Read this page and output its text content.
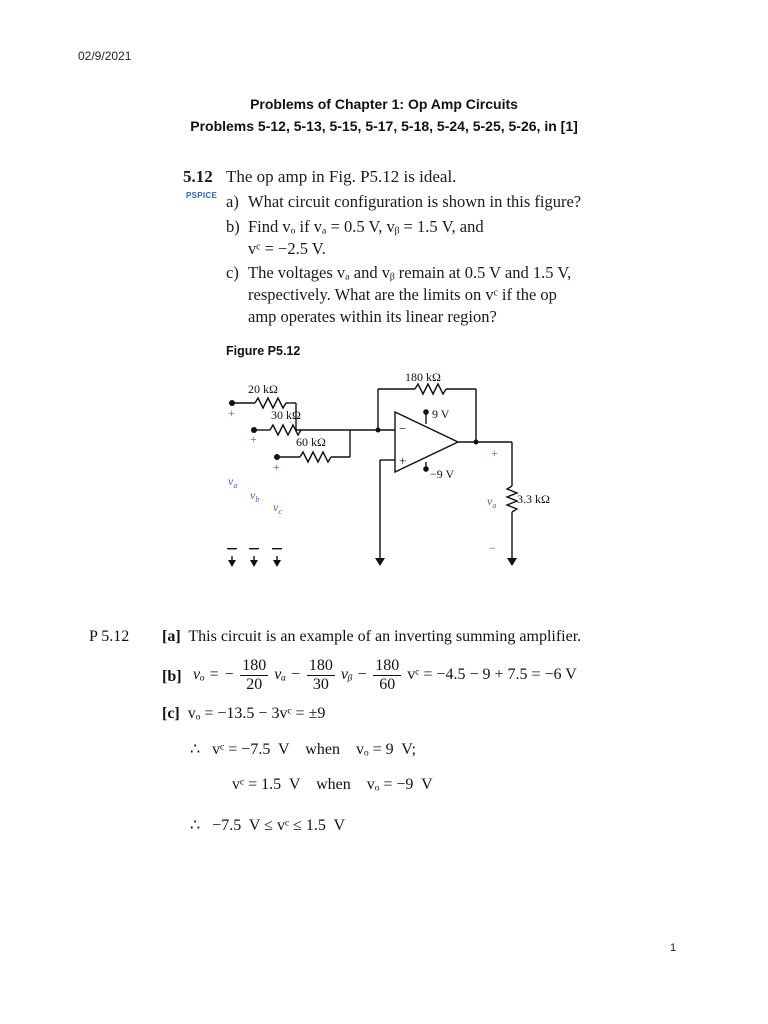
02/9/2021
Problems of Chapter 1: Op Amp Circuits
Problems 5-12, 5-13, 5-15, 5-17, 5-18, 5-24, 5-25, 5-26, in [1]
5.12 The op amp in Fig. P5.12 is ideal.
PSPICE a) What circuit configuration is shown in this figure?
b) Find vₒ if vₐ = 0.5 V, vᵦ = 1.5 V, and
vᶜ = −2.5 V.
c) The voltages vₐ and vᵦ remain at 0.5 V and 1.5 V,
respectively. What are the limits on vᶜ if the op
amp operates within its linear region?
Figure P5.12
180 kΩ
20 kΩ
30 kΩ
60 kΩ
9 V
−9 V
3.3 kΩ
−
+
+
+
+
$v_a$
$v_b$
$v_c$
+
$v_o$
−
P 5.12 [a] This circuit is an example of an inverting summing amplifier.
[b] vₒ = − $\frac{180}{20}$ $v_a - \frac{180}{30}$ vᵦ − $\frac{180}{60}$ vᶜ = −4.5 − 9 + 7.5 = −6 V
[c] vₒ = −13.5 − 3vᶜ = ±9
∴   vᶜ = −7.5  V    when    vₒ = 9  V;
vᶜ = 1.5  V    when    vₒ = −9  V
∴   −7.5  V ≤ vᶜ ≤ 1.5  V
1
